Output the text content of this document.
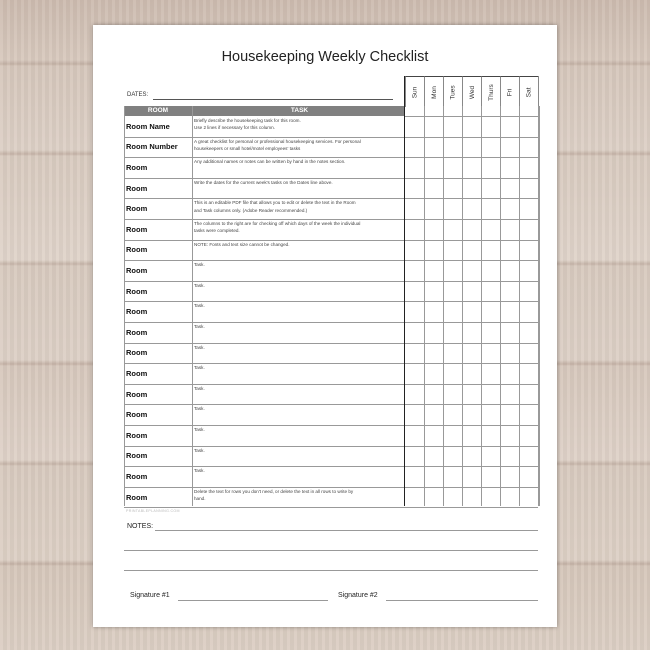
Housekeeping Weekly Checklist
DATES:
ROOM	TASK
Sun Mon Tues Wed Thurs Fri Sat
Room Name
Briefly describe the housekeeping task for this room.
Use 2 lines if necessary for this column.
Room Number
A great checklist for personal or professional housekeeping services. For personal
housekeepers or small hotel/motel employees' tasks
Room
Any additional names or notes can be written by hand in the notes section.
Room
Write the dates for the current week's tasks on the Dates line above.
Room
This is an editable PDF file that allows you to edit or delete the text in the Room
and Task columns only. (Adobe Reader recommended.)
Room
The columns to the right are for checking off which days of the week the individual
tasks were completed.
Room
NOTE: Fonts and text size cannot be changed.
Room
Task.
Room
Task.
Room
Task.
Room
Task.
Room
Task.
Room
Task.
Room
Task.
Room
Task.
Room
Task.
Room
Task.
Room
Task.
Room
Delete the text for rows you don't need, or delete the text in all rows to write by
hand.
PRINTABLEPLANNING.COM
NOTES:
Signature #1	Signature #2
